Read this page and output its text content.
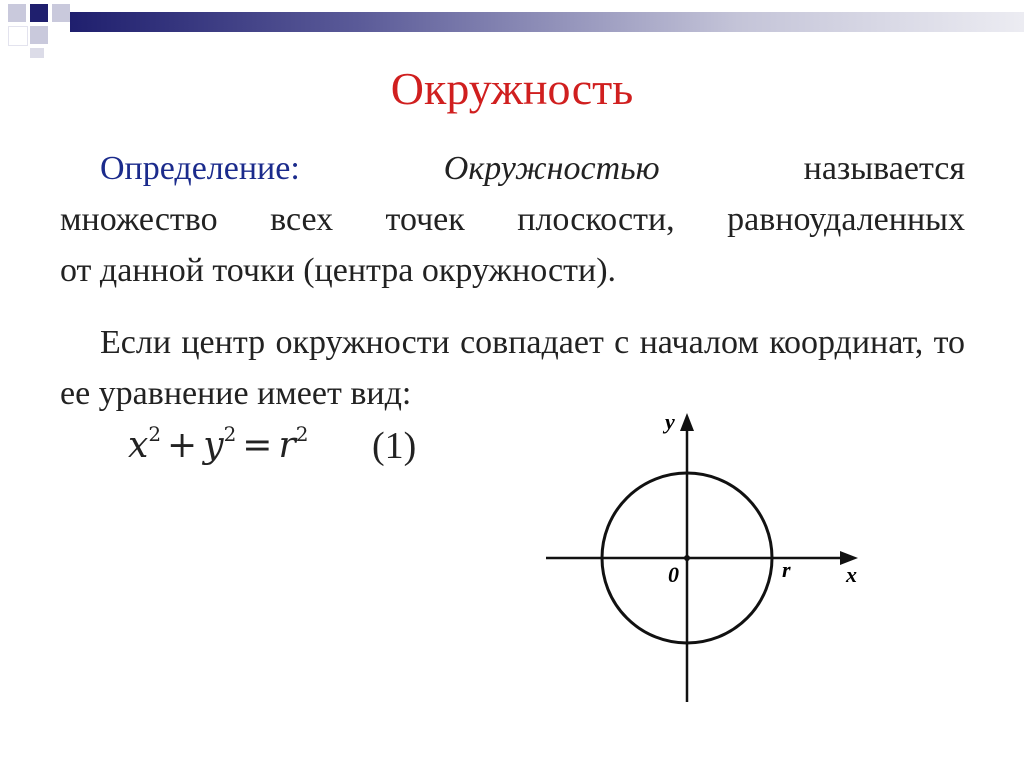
Окружность
Определение:	Окружностью	называется
множество всех точек плоскости, равноудаленных
от данной точки (центра окружности).
Если центр окружности совпадает с началом координат, то ее уравнение имеет вид:
$x^2 + y^2 = r^2$ (1)
y
x
0	r
